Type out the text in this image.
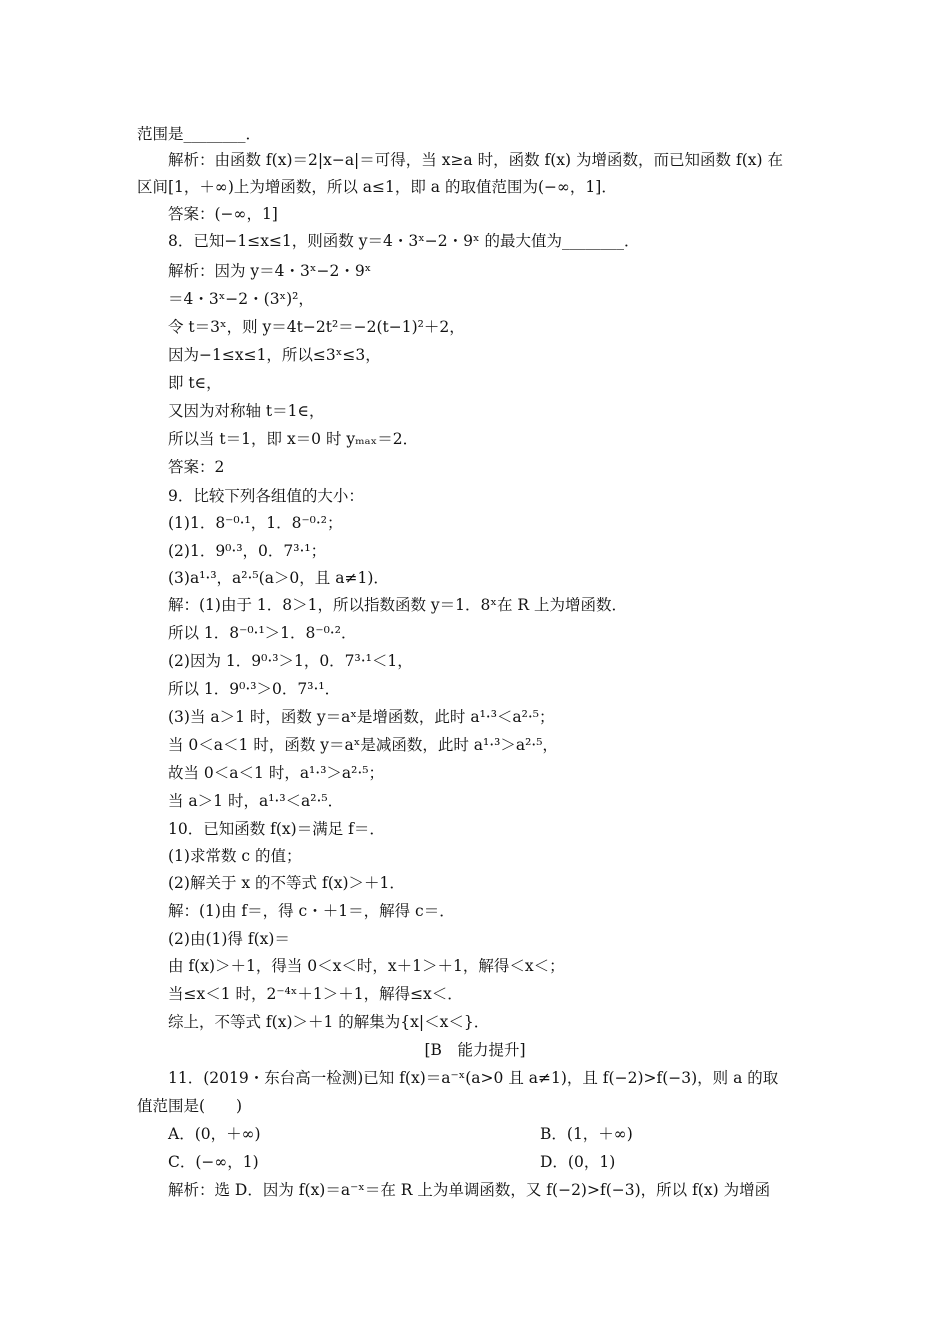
范围是________．
解析：由函数 f(x)＝2|x−a|＝可得，当 x≥a 时，函数 f(x) 为增函数，而已知函数 f(x) 在
区间[1，＋∞)上为增函数，所以 a≤1，即 a 的取值范围为(−∞，1]．
答案：(−∞，1]
8．已知−1≤x≤1，则函数 y＝4・3ˣ−2・9ˣ 的最大值为________．
解析：因为 y＝4・3ˣ−2・9ˣ
＝4・3ˣ−2・(3ˣ)²，
令 t＝3ˣ，则 y＝4t−2t²＝−2(t−1)²＋2，
因为−1≤x≤1，所以≤3ˣ≤3，
即 t∈，
又因为对称轴 t＝1∈，
所以当 t＝1，即 x＝0 时 yₘₐₓ＝2．
答案：2
9．比较下列各组值的大小：
(1)1．8⁻⁰·¹，1．8⁻⁰·²；
(2)1．9⁰·³，0．7³·¹；
(3)a¹·³，a²·⁵(a＞0，且 a≠1)．
解：(1)由于 1．8＞1，所以指数函数 y＝1．8ˣ在 R 上为增函数．
所以 1．8⁻⁰·¹＞1．8⁻⁰·²．
(2)因为 1．9⁰·³＞1，0．7³·¹＜1，
所以 1．9⁰·³＞0．7³·¹．
(3)当 a＞1 时，函数 y＝aˣ是增函数，此时 a¹·³＜a²·⁵；
当 0＜a＜1 时，函数 y＝aˣ是减函数，此时 a¹·³＞a²·⁵，
故当 0＜a＜1 时，a¹·³＞a²·⁵；
当 a＞1 时，a¹·³＜a²·⁵．
10．已知函数 f(x)＝满足 f＝．
(1)求常数 c 的值；
(2)解关于 x 的不等式 f(x)＞＋1．
解：(1)由 f＝，得 c・＋1＝，解得 c＝．
(2)由(1)得 f(x)＝
由 f(x)＞＋1，得当 0＜x＜时，x＋1＞＋1，解得＜x＜；
当≤x＜1 时，2⁻⁴ˣ＋1＞＋1，解得≤x＜．
综上，不等式 f(x)＞＋1 的解集为{x|＜x＜}．
[B　能力提升]
11．(2019・东台高一检测)已知 f(x)＝a⁻ˣ(a>0 且 a≠1)，且 f(−2)>f(−3)，则 a 的取
值范围是(　　)
A．(0，＋∞)	B．(1，＋∞)
C．(−∞，1)	D．(0，1)
解析：选 D．因为 f(x)＝a⁻ˣ＝在 R 上为单调函数，又 f(−2)>f(−3)，所以 f(x) 为增函
